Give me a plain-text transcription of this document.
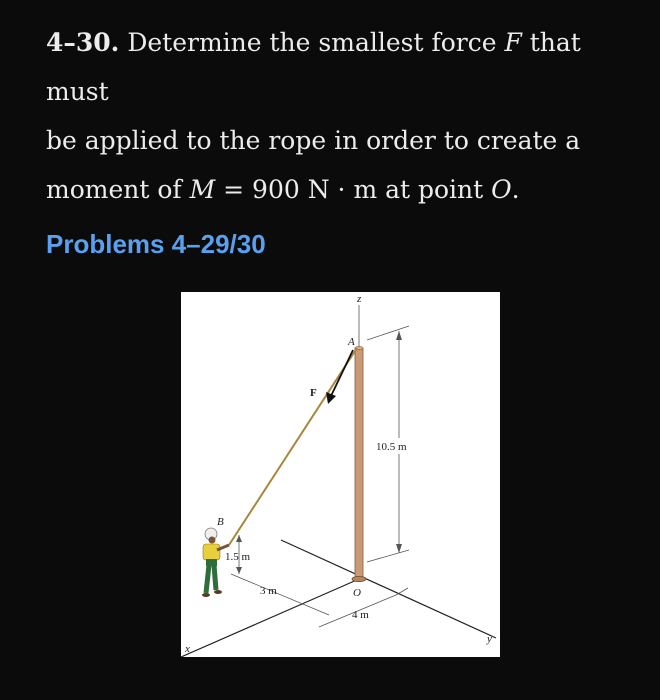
4–30. Determine the smallest force F that must
be applied to the rope in order to create a
moment of M = 900 N · m at point O.

Problems 4–29/30

z
x
y
A
B
O
F
10.5 m
1.5 m
3 m
4 m
